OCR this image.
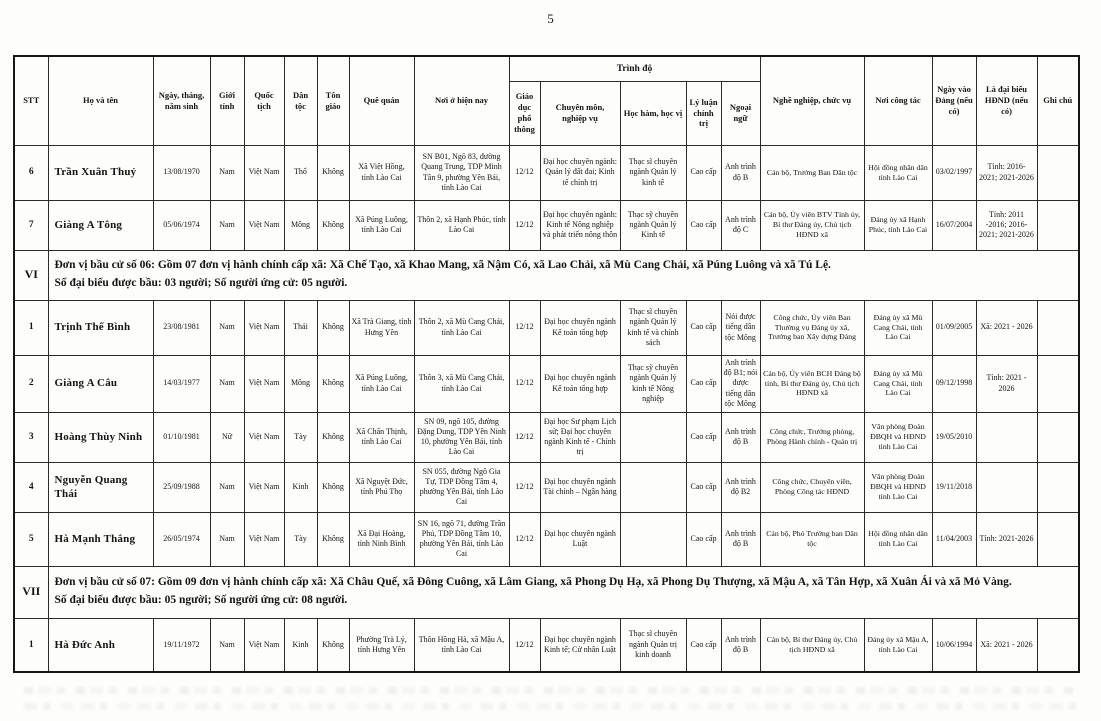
5
STT	Họ và tên	Ngày, tháng, năm sinh	Giới tính	Quốc tịch	Dân tộc	Tôn giáo	Quê quán	Nơi ở hiện nay	Trình độ					Nghề nghiệp, chức vụ	Nơi công tác	Ngày vào Đảng (nếu có)	Là đại biểu HĐND (nếu có)	Ghi chú
									Giáo dục phổ thông	Chuyên môn, nghiệp vụ	Học hàm, học vị	Lý luận chính trị	Ngoại ngữ					
6	Trần Xuân Thuỷ	13/08/1970	Nam	Việt Nam	Thổ	Không	Xã Việt Hồng, tỉnh Lào Cai	SN B01, Ngõ 83, đường Quang Trung, TDP Minh Tân 9, phường Yên Bái, tỉnh Lào Cai	12/12	Đại học chuyên ngành: Quản lý đất đai; Kinh tế chính trị	Thạc sĩ chuyên ngành Quản lý kinh tế	Cao cấp	Anh trình độ B	Cán bộ, Trưởng Ban Dân tộc	Hội đồng nhân dân tỉnh Lào Cai	03/02/1997	Tỉnh: 2016-2021; 2021-2026	
7	Giàng A Tông	05/06/1974	Nam	Việt Nam	Mông	Không	Xã Púng Luông, tỉnh Lào Cai	Thôn 2, xã Hạnh Phúc, tỉnh Lào Cai	12/12	Đại học chuyên ngành: Kinh tế Nông nghiệp và phát triển nông thôn	Thạc sỹ chuyên ngành Quản lý Kinh tế	Cao cấp	Anh trình độ C	Cán bộ, Ủy viên BTV Tỉnh ủy, Bí thư Đảng ủy, Chủ tịch HĐND xã	Đảng ủy xã Hạnh Phúc, tỉnh Lào Cai	16/07/2004	Tỉnh: 2011 -2016; 2016-2021; 2021-2026	
VI	Đơn vị bầu cử số 06: Gồm 07 đơn vị hành chính cấp xã: Xã Chế Tạo, xã Khao Mang, xã Nậm Có, xã Lao Chải, xã Mù Cang Chải, xã Púng Luông và xã Tú Lệ.
Số đại biểu được bầu: 03 người; Số người ứng cử: 05 người.																	

1	Trịnh Thế Bình	23/08/1981	Nam	Việt Nam	Thái	Không	Xã Trà Giang, tỉnh Hưng Yên	Thôn 2, xã Mù Cang Chải, tỉnh Lào Cai	12/12	Đại học chuyên ngành Kế toán tổng hợp	Thạc sĩ chuyên ngành Quản lý kinh tế và chính sách	Cao cấp	Nói được tiếng dân tộc Mông	Công chức, Ủy viên Ban Thường vụ Đảng ủy xã, Trưởng ban Xây dựng Đảng	Đảng ủy xã Mù Cang Chải, tỉnh Lào Cai	01/09/2005	Xã: 2021 - 2026	
2	Giàng A Câu	14/03/1977	Nam	Việt Nam	Mông	Không	Xã Púng Luông, tỉnh Lào Cai	Thôn 3, xã Mù Cang Chải, tỉnh Lào Cai	12/12	Đại học chuyên ngành Kế toán tổng hợp	Thạc sỹ chuyên ngành Quản lý kinh tế Nông nghiệp	Cao cấp	Anh trình độ B1; nói được tiếng dân tộc Mông	Cán bộ, Ủy viên BCH Đảng bộ tỉnh, Bí thư Đảng ủy, Chủ tịch HĐND xã	Đảng ủy xã Mù Cang Chải, tỉnh Lào Cai	09/12/1998	Tỉnh: 2021 - 2026	
3	Hoàng Thùy Ninh	01/10/1981	Nữ	Việt Nam	Tày	Không	Xã Chấn Thịnh, tỉnh Lào Cai	SN 09, ngõ 105, đường Đặng Dung, TDP Yên Ninh 10, phường Yên Bái, tỉnh Lào Cai	12/12	Đại học Sư phạm Lịch sử; Đại học chuyên ngành Kinh tế - Chính trị		Cao cấp	Anh trình độ B	Công chức, Trưởng phòng, Phòng Hành chính - Quản trị	Văn phòng Đoàn ĐBQH và HĐND tỉnh Lào Cai	19/05/2010		
4	Nguyễn Quang Thái	25/09/1988	Nam	Việt Nam	Kinh	Không	Xã Nguyệt Đức, tỉnh Phú Thọ	SN 055, đường Ngô Gia Tự, TDP Đồng Tâm 4, phường Yên Bái, tỉnh Lào Cai	12/12	Đại học chuyên ngành Tài chính – Ngân hàng		Cao cấp	Anh trình độ B2	Công chức, Chuyên viên, Phòng Công tác HĐND	Văn phòng Đoàn ĐBQH và HĐND tỉnh Lào Cai	19/11/2018		
5	Hà Mạnh Thắng	26/05/1974	Nam	Việt Nam	Tày	Không	Xã Đại Hoàng, tỉnh Ninh Bình	SN 16, ngõ 71, đường Trần Phú, TDP Đồng Tâm 10, phường Yên Bái, tỉnh Lào Cai	12/12	Đại học chuyên ngành Luật		Cao cấp	Anh trình độ B	Cán bộ, Phó Trưởng ban Dân tộc	Hội đồng nhân dân tỉnh Lào Cai	11/04/2003	Tỉnh: 2021-2026	
VII	Đơn vị bầu cử số 07: Gồm 09 đơn vị hành chính cấp xã: Xã Châu Quế, xã Đông Cuông, xã Lâm Giang, xã Phong Dụ Hạ, xã Phong Dụ Thượng, xã Mậu A, xã Tân Hợp, xã Xuân Ái và xã Mỏ Vàng.
Số đại biểu được bầu: 05 người; Số người ứng cử: 08 người.																	

1	Hà Đức Anh	19/11/1972	Nam	Việt Nam	Kinh	Không	Phường Trà Lý, tỉnh Hưng Yên	Thôn Hồng Hà, xã Mậu A, tỉnh Lào Cai	12/12	Đại học chuyên ngành Kinh tế; Cử nhân Luật	Thạc sĩ chuyên ngành Quản trị kinh doanh	Cao cấp	Anh trình độ B	Cán bộ, Bí thư Đảng ủy, Chủ tịch HĐND xã	Đảng ủy xã Mậu A, tỉnh Lào Cai	10/06/1994	Xã: 2021 - 2026	
